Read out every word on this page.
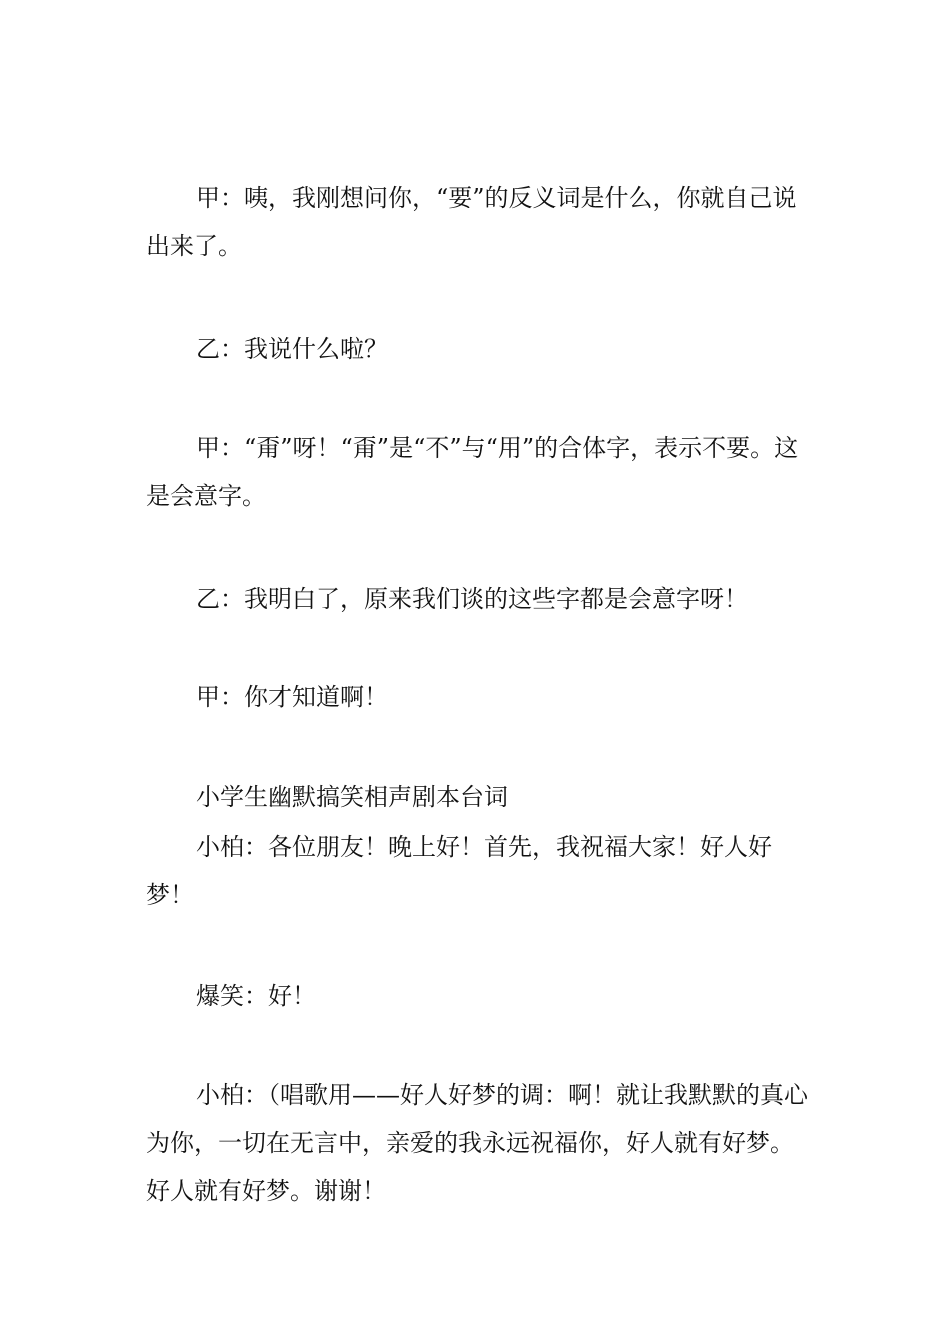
甲：咦，我刚想问你，“要”的反义词是什么，你就自己说出来了。

乙：我说什么啦？

甲：“甭”呀！“甭”是“不”与“用”的合体字，表示不要。这是会意字。

乙：我明白了，原来我们谈的这些字都是会意字呀！

甲：你才知道啊！

小学生幽默搞笑相声剧本台词

小柏：各位朋友！晚上好！首先，我祝福大家！好人好梦！

爆笑：好！

小柏：（唱歌用——好人好梦的调：啊！就让我默默的真心为你，一切在无言中，亲爱的我永远祝福你，好人就有好梦。好人就有好梦。谢谢！
